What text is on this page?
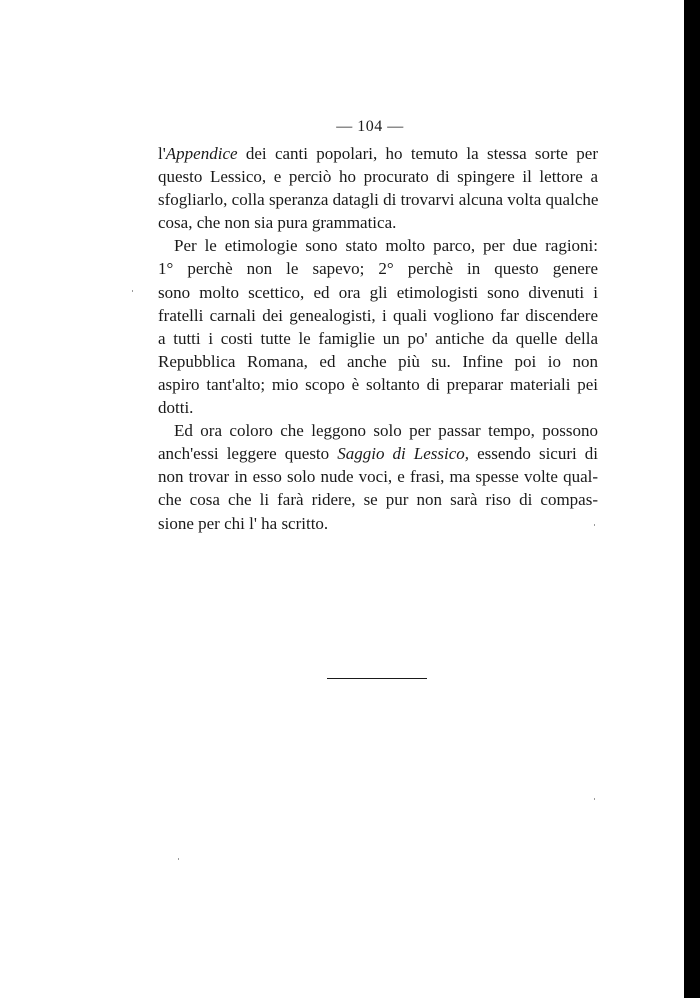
— 104 —
l'Appendice dei canti popolari, ho temuto la stessa sorte per
questo Lessico, e perciò ho procurato di spingere il lettore a
sfogliarlo, colla speranza datagli di trovarvi alcuna volta qualche
cosa, che non sia pura grammatica.
Per le etimologie sono stato molto parco, per due ragioni:
1° perchè non le sapevo; 2° perchè in questo genere
sono molto scettico, ed ora gli etimologisti sono divenuti i
fratelli carnali dei genealogisti, i quali vogliono far discendere
a tutti i costi tutte le famiglie un po' antiche da quelle della
Repubblica Romana, ed anche più su. Infine poi io non
aspiro tant'alto; mio scopo è soltanto di preparar materiali pei
dotti.
Ed ora coloro che leggono solo per passar tempo, possono
anch'essi leggere questo Saggio di Lessico, essendo sicuri di
non trovar in esso solo nude voci, e frasi, ma spesse volte qual-
che cosa che li farà ridere, se pur non sarà riso di compas-
sione per chi l' ha scritto.
